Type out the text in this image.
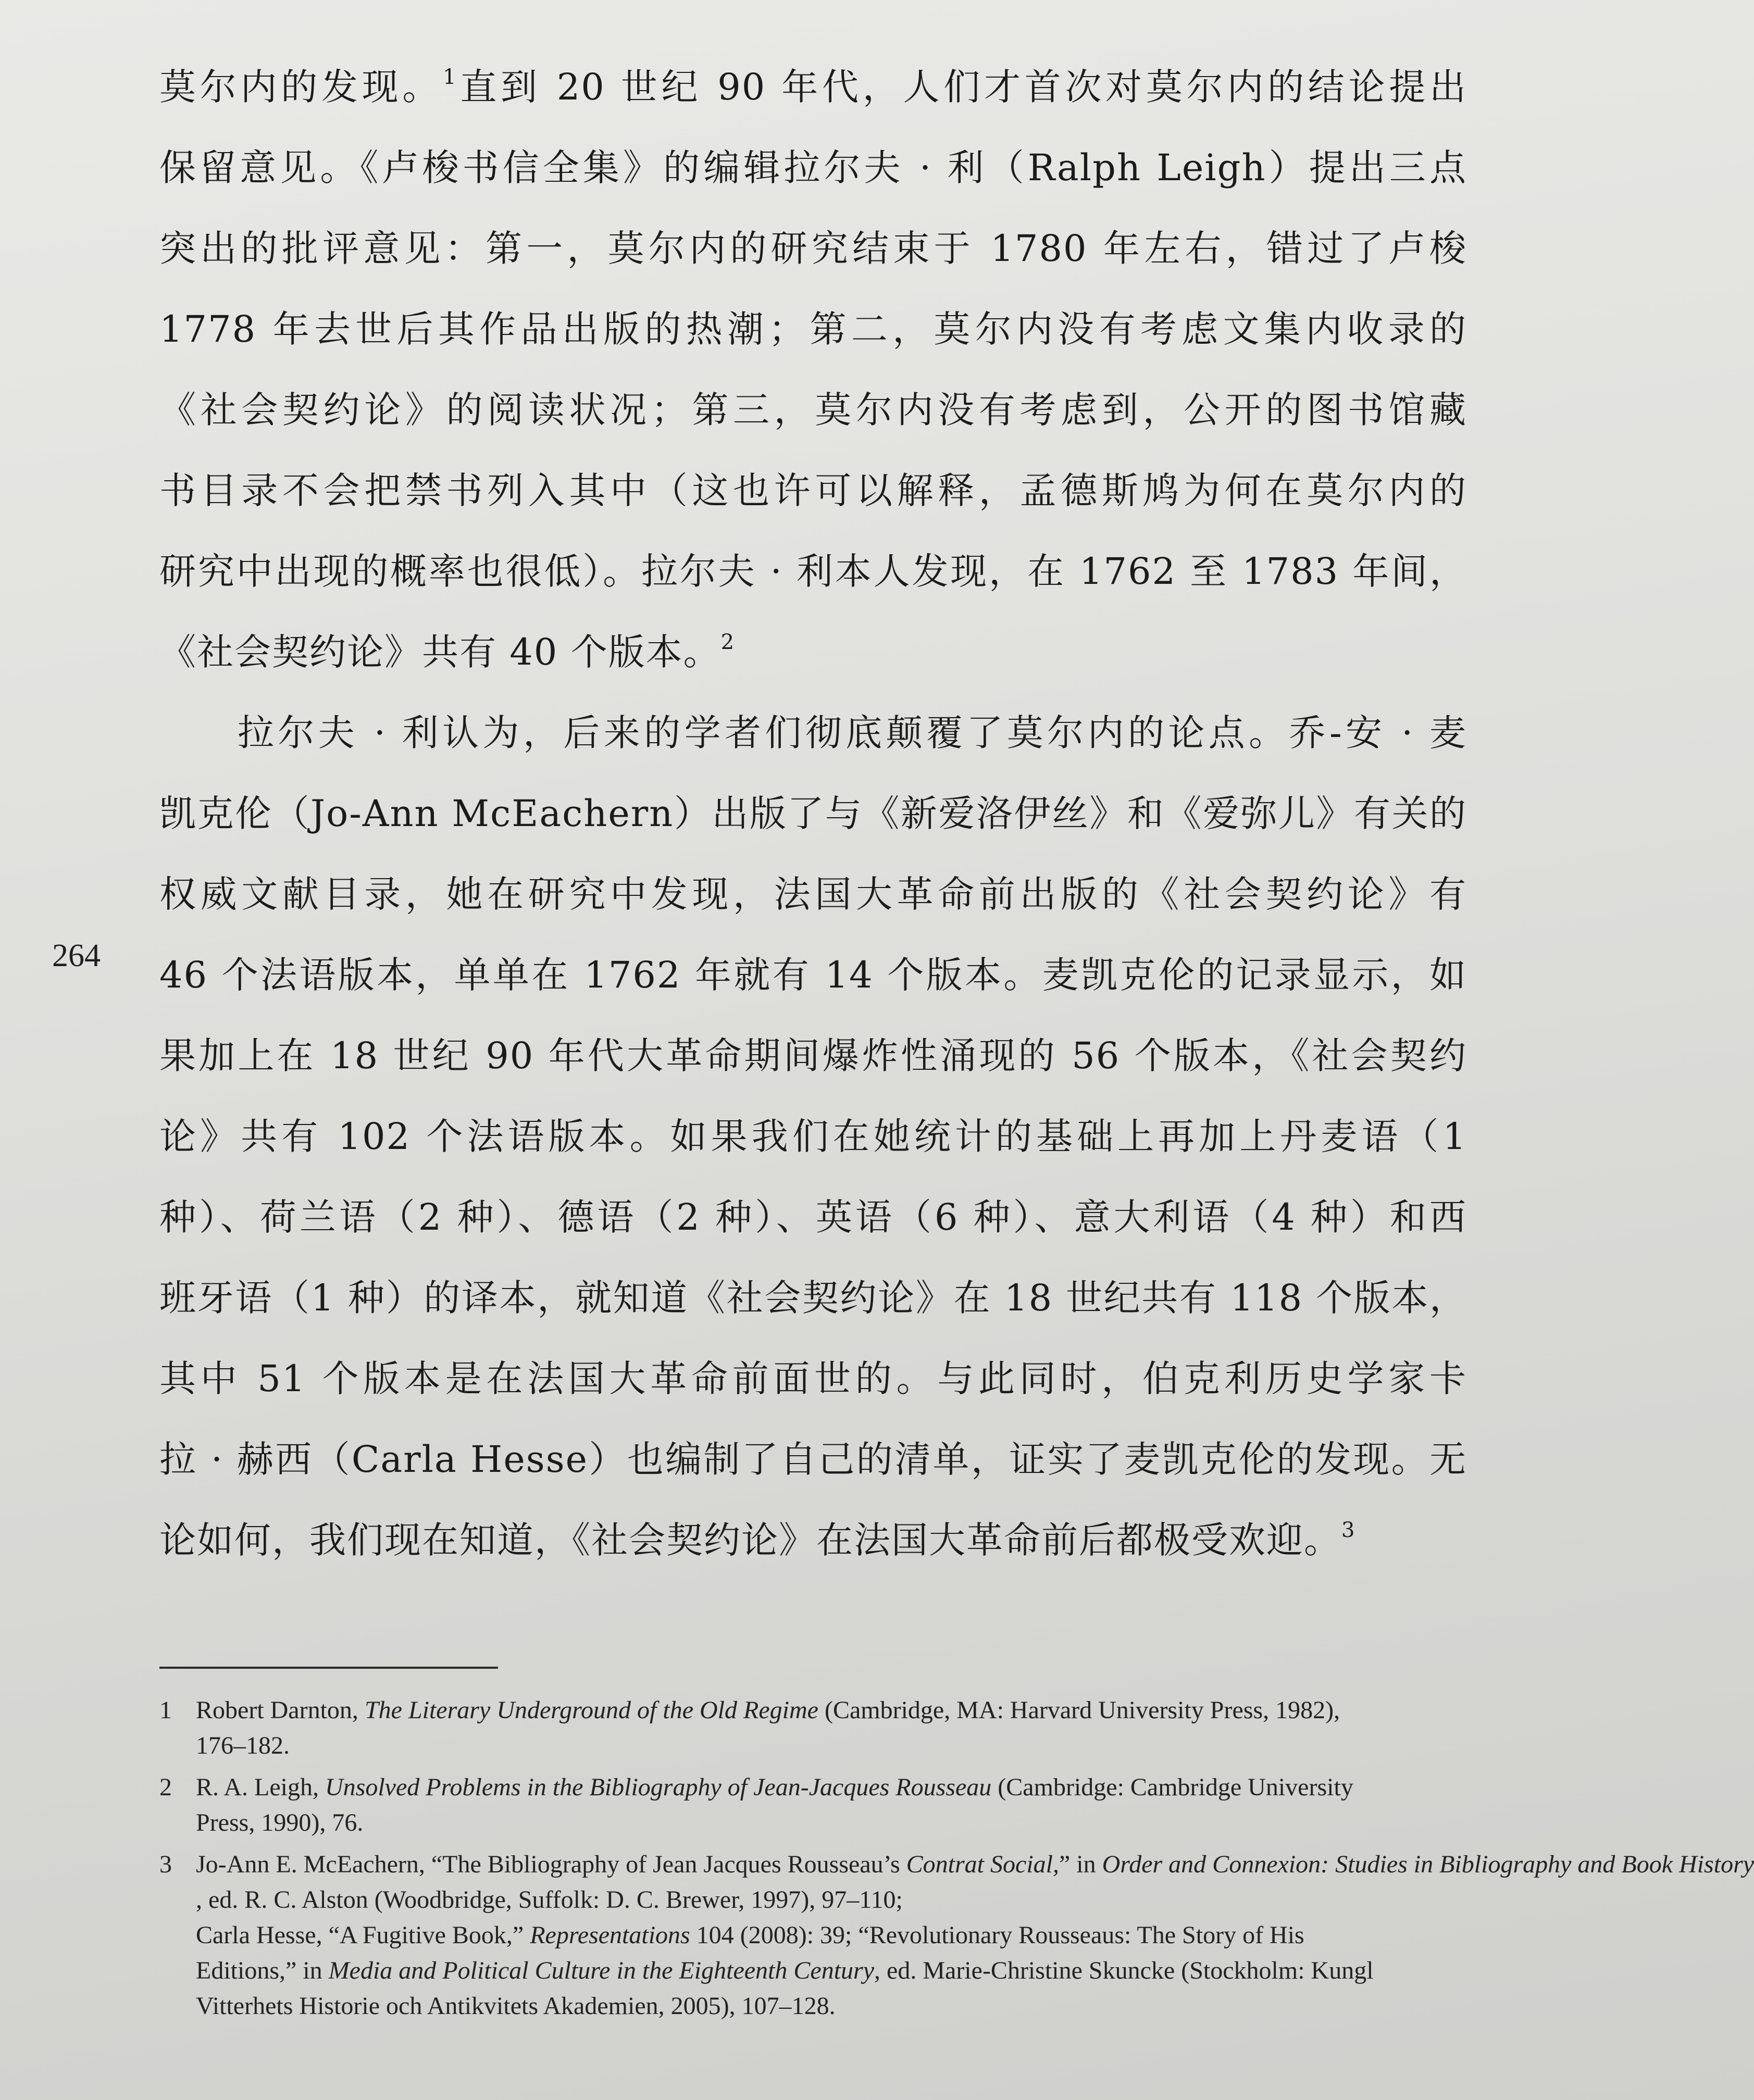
莫尔内的发现。$^1$直到 20 世纪 90 年代，人们才首次对莫尔内的结论提出
保留意见。《卢梭书信全集》的编辑拉尔夫 · 利（Ralph Leigh）提出三点
突出的批评意见：第一，莫尔内的研究结束于 1780 年左右，错过了卢梭
1778 年去世后其作品出版的热潮；第二，莫尔内没有考虑文集内收录的
《社会契约论》的阅读状况；第三，莫尔内没有考虑到，公开的图书馆藏
书目录不会把禁书列入其中（这也许可以解释，孟德斯鸠为何在莫尔内的
研究中出现的概率也很低）。拉尔夫 · 利本人发现，在 1762 至 1783 年间，
《社会契约论》共有 40 个版本。$^2$

拉尔夫 · 利认为，后来的学者们彻底颠覆了莫尔内的论点。乔-安 · 麦
凯克伦（Jo-Ann McEachern）出版了与《新爱洛伊丝》和《爱弥儿》有关的
权威文献目录，她在研究中发现，法国大革命前出版的《社会契约论》有
46 个法语版本，单单在 1762 年就有 14 个版本。麦凯克伦的记录显示，如
果加上在 18 世纪 90 年代大革命期间爆炸性涌现的 56 个版本，《社会契约
论》共有 102 个法语版本。如果我们在她统计的基础上再加上丹麦语（1
种）、荷兰语（2 种）、德语（2 种）、英语（6 种）、意大利语（4 种）和西
班牙语（1 种）的译本，就知道《社会契约论》在 18 世纪共有 118 个版本，
其中 51 个版本是在法国大革命前面世的。与此同时，伯克利历史学家卡
拉 · 赫西（Carla Hesse）也编制了自己的清单，证实了麦凯克伦的发现。无
论如何，我们现在知道，《社会契约论》在法国大革命前后都极受欢迎。$^3$

264
1 Robert Darnton, The Literary Underground of the Old Regime (Cambridge, MA: Harvard University Press, 1982),
176–182.
2 R. A. Leigh, Unsolved Problems in the Bibliography of Jean-Jacques Rousseau (Cambridge: Cambridge University
Press, 1990), 76.
3 Jo-Ann E. McEachern, “The Bibliography of Jean Jacques Rousseau’s Contrat Social,” in Order and Connexion: Studies in Bibliography and Book History
, ed. R. C. Alston (Woodbridge, Suffolk: D. C. Brewer, 1997), 97–110;
Carla Hesse, “A Fugitive Book,” Representations 104 (2008): 39; “Revolutionary Rousseaus: The Story of His
Editions,” in Media and Political Culture in the Eighteenth Century, ed. Marie-Christine Skuncke (Stockholm: Kungl
Vitterhets Historie och Antikvitets Akademien, 2005), 107–128.
